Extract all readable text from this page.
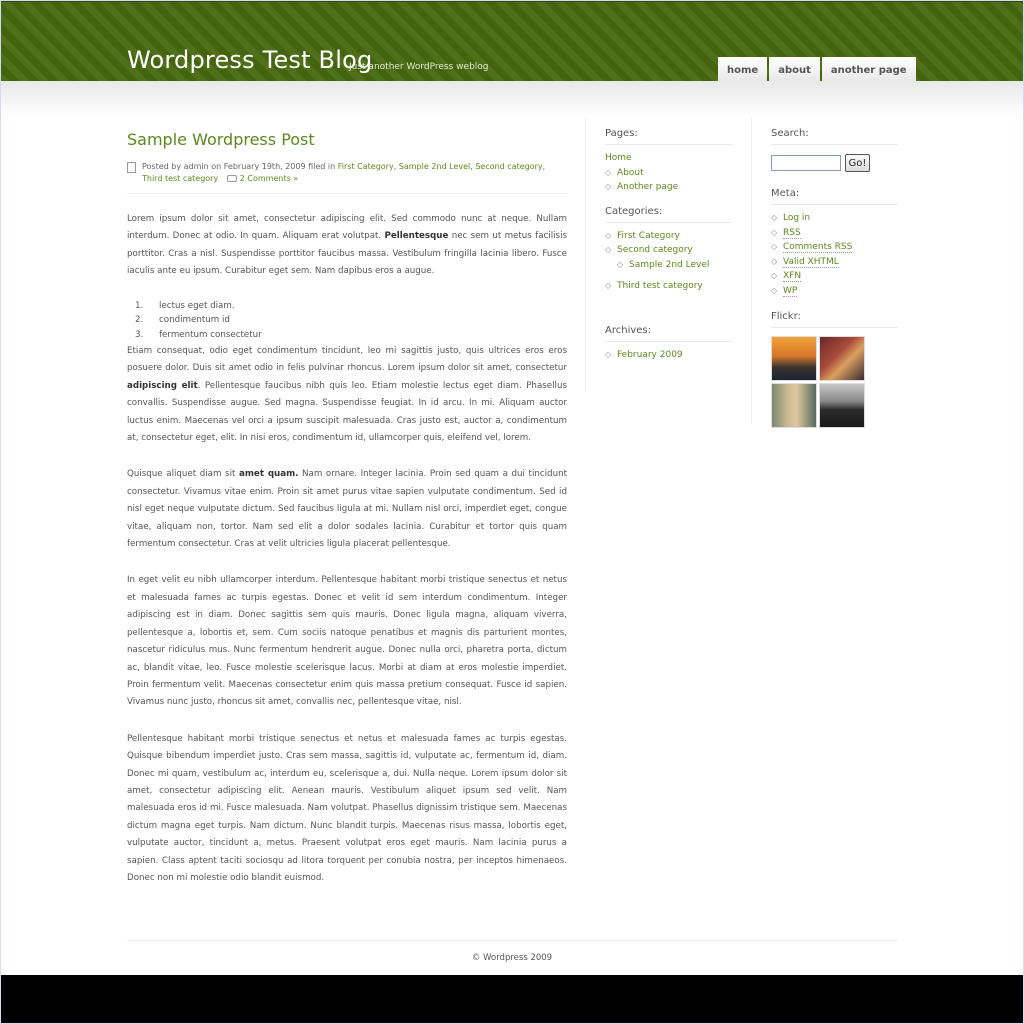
Wordpress Test Blog
Just another WordPress weblog	home	about	another page
Sample Wordpress Post
Posted by admin on February 19th, 2009 filed in First Category, Sample 2nd Level, Second category, Third test category	2 Comments »

Lorem ipsum dolor sit amet, consectetur adipiscing elit. Sed commodo nunc at neque. Nullam interdum. Donec at odio. In quam. Aliquam erat volutpat. Pellentesque nec sem ut metus facilisis porttitor. Cras a nisl. Suspendisse porttitor faucibus massa. Vestibulum fringilla lacinia libero. Fusce iaculis ante eu ipsum. Curabitur eget sem. Nam dapibus eros a augue.

1. lectus eget diam.
2. condimentum id
3. fermentum consectetur

Etiam consequat, odio eget condimentum tincidunt, leo mi sagittis justo, quis ultrices eros eros posuere dolor. Duis sit amet odio in felis pulvinar rhoncus. Lorem ipsum dolor sit amet, consectetur adipiscing elit. Pellentesque faucibus nibh quis leo. Etiam molestie lectus eget diam. Phasellus convallis. Suspendisse augue. Sed magna. Suspendisse feugiat. In id arcu. In mi. Aliquam auctor luctus enim. Maecenas vel orci a ipsum suscipit malesuada. Cras justo est, auctor a, condimentum at, consectetur eget, elit. In nisi eros, condimentum id, ullamcorper quis, eleifend vel, lorem.

Quisque aliquet diam sit amet quam. Nam ornare. Integer lacinia. Proin sed quam a dui tincidunt consectetur. Vivamus vitae enim. Proin sit amet purus vitae sapien vulputate condimentum. Sed id nisl eget neque vulputate dictum. Sed faucibus ligula at mi. Nullam nisl orci, imperdiet eget, congue vitae, aliquam non, tortor. Nam sed elit a dolor sodales lacinia. Curabitur et tortor quis quam fermentum consectetur. Cras at velit ultricies ligula placerat pellentesque.

In eget velit eu nibh ullamcorper interdum. Pellentesque habitant morbi tristique senectus et netus et malesuada fames ac turpis egestas. Donec et velit id sem interdum condimentum. Integer adipiscing est in diam. Donec sagittis sem quis mauris. Donec ligula magna, aliquam viverra, pellentesque a, lobortis et, sem. Cum sociis natoque penatibus et magnis dis parturient montes, nascetur ridiculus mus. Nunc fermentum hendrerit augue. Donec nulla orci, pharetra porta, dictum ac, blandit vitae, leo. Fusce molestie scelerisque lacus. Morbi at diam at eros molestie imperdiet. Proin fermentum velit. Maecenas consectetur enim quis massa pretium consequat. Fusce id sapien. Vivamus nunc justo, rhoncus sit amet, convallis nec, pellentesque vitae, nisl.

Pellentesque habitant morbi tristique senectus et netus et malesuada fames ac turpis egestas. Quisque bibendum imperdiet justo. Cras sem massa, sagittis id, vulputate ac, fermentum id, diam. Donec mi quam, vestibulum ac, interdum eu, scelerisque a, dui. Nulla neque. Lorem ipsum dolor sit amet, consectetur adipiscing elit. Aenean mauris. Vestibulum aliquet ipsum sed velit. Nam malesuada eros id mi. Fusce malesuada. Nam volutpat. Phasellus dignissim tristique sem. Maecenas dictum magna eget turpis. Nam dictum. Nunc blandit turpis. Maecenas risus massa, lobortis eget, vulputate auctor, tincidunt a, metus. Praesent volutpat eros eget mauris. Nam lacinia purus a sapien. Class aptent taciti sociosqu ad litora torquent per conubia nostra, per inceptos himenaeos. Donec non mi molestie odio blandit euismod.

Pages:
Home
◇ About
◇ Another page
Categories:
◇ First Category
◇ Second category
◇ Sample 2nd Level
◇ Third test category
Archives:
◇ February 2009
Search:
Go!
Meta:
◇ Log in
◇ RSS
◇ Comments RSS
◇ Valid XHTML
◇ XFN
◇ WP
Flickr:
© Wordpress 2009
